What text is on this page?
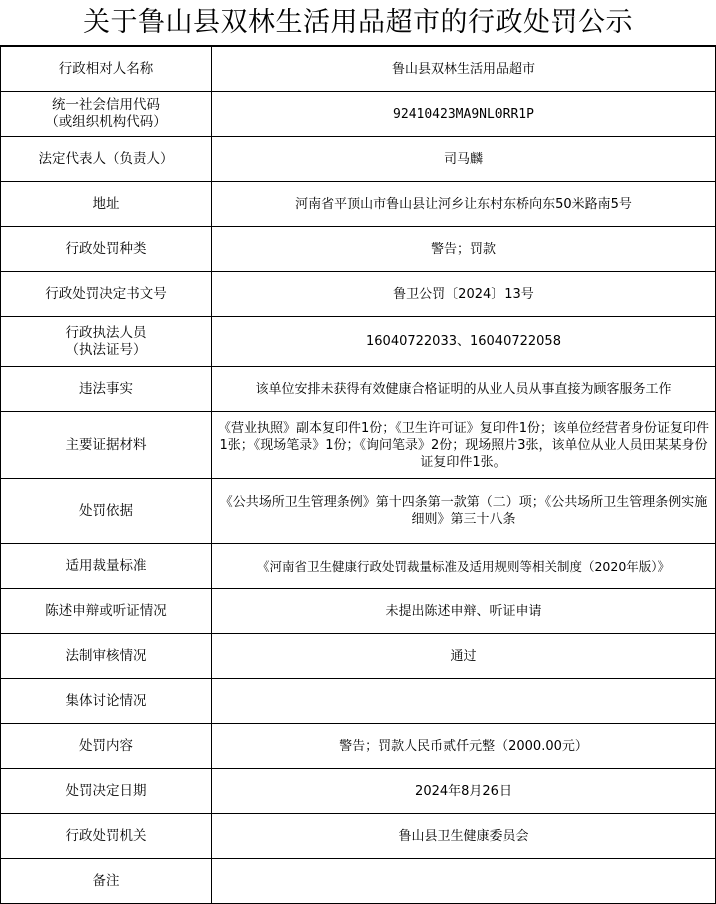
关于鲁山县双林生活用品超市的行政处罚公示
行政相对人名称	鲁山县双林生活用品超市

统一社会信用代码
（或组织机构代码）	92410423MA9NL0RR1P
法定代表人（负责人）	司马麟
地址	河南省平顶山市鲁山县让河乡让东村东桥向东50米路南5号
行政处罚种类	警告；罚款
行政处罚决定书文号	鲁卫公罚〔2024〕13号

行政执法人员
（执法证号）	16040722033、16040722058
违法事实	该单位安排未获得有效健康合格证明的从业人员从事直接为顾客服务工作
主要证据材料	《营业执照》副本复印件1份；《卫生许可证》复印件1份；该单位经营者身份证复印件1张；《现场笔录》1份；《询问笔录》2份；现场照片3张，该单位从业人员田某某身份证复印件1张。
处罚依据	《公共场所卫生管理条例》第十四条第一款第（二）项；《公共场所卫生管理条例实施细则》第三十八条
适用裁量标准	《河南省卫生健康行政处罚裁量标准及适用规则等相关制度（2020年版）》
陈述申辩或听证情况	未提出陈述申辩、听证申请
法制审核情况	通过
集体讨论情况	
处罚内容	警告；罚款人民币贰仟元整（2000.00元）
处罚决定日期	2024年8月26日
行政处罚机关	鲁山县卫生健康委员会
备注	
